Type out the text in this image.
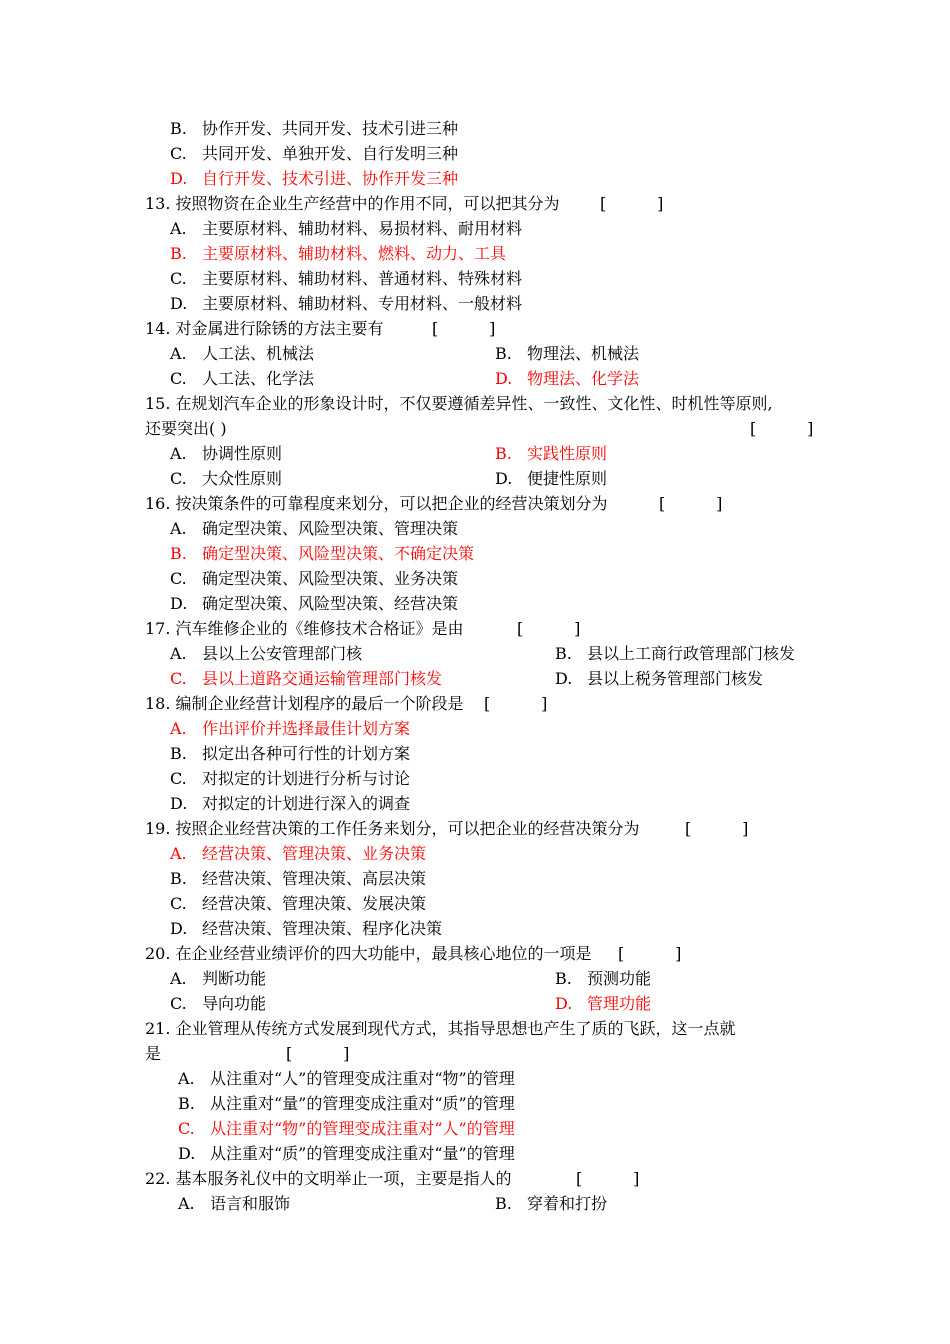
B. 协作开发、共同开发、技术引进三种
C. 共同开发、单独开发、自行发明三种
D. 自行开发、技术引进、协作开发三种
13. 按照物资在企业生产经营中的作用不同，可以把其分为	[          ]
A. 主要原材料、辅助材料、易损材料、耐用材料
B. 主要原材料、辅助材料、燃料、动力、工具
C. 主要原材料、辅助材料、普通材料、特殊材料
D. 主要原材料、辅助材料、专用材料、一般材料
14. 对金属进行除锈的方法主要有	[          ]
A. 人工法、机械法	B. 物理法、机械法
C. 人工法、化学法	D. 物理法、化学法
15. 在规划汽车企业的形象设计时，不仅要遵循差异性、一致性、文化性、时机性等原则,
还要突出( )	[          ]
A. 协调性原则	B. 实践性原则
C. 大众性原则	D. 便捷性原则
16. 按决策条件的可靠程度来划分，可以把企业的经营决策划分为	[          ]
A. 确定型决策、风险型决策、管理决策
B. 确定型决策、风险型决策、不确定决策
C. 确定型决策、风险型决策、业务决策
D. 确定型决策、风险型决策、经营决策
17. 汽车维修企业的《维修技术合格证》是由	[          ]
A. 县以上公安管理部门核	B. 县以上工商行政管理部门核发
C. 县以上道路交通运输管理部门核发	D. 县以上税务管理部门核发
18. 编制企业经营计划程序的最后一个阶段是 [          ]
A. 作出评价并选择最佳计划方案
B. 拟定出各种可行性的计划方案
C. 对拟定的计划进行分析与讨论
D. 对拟定的计划进行深入的调查
19. 按照企业经营决策的工作任务来划分，可以把企业的经营决策分为	[          ]
A. 经营决策、管理决策、业务决策
B. 经营决策、管理决策、高层决策
C. 经营决策、管理决策、发展决策
D. 经营决策、管理决策、程序化决策
20. 在企业经营业绩评价的四大功能中，最具核心地位的一项是 [          ]
A. 判断功能	B. 预测功能
C. 导向功能	D. 管理功能
21. 企业管理从传统方式发展到现代方式，其指导思想也产生了质的飞跃，这一点就
是	[          ]
A. 从注重对“人”的管理变成注重对“物”的管理
B. 从注重对“量”的管理变成注重对“质”的管理
C. 从注重对“物”的管理变成注重对“人”的管理
D. 从注重对“质”的管理变成注重对“量”的管理
22. 基本服务礼仪中的文明举止一项，主要是指人的	[          ]
A. 语言和服饰	B. 穿着和打扮
